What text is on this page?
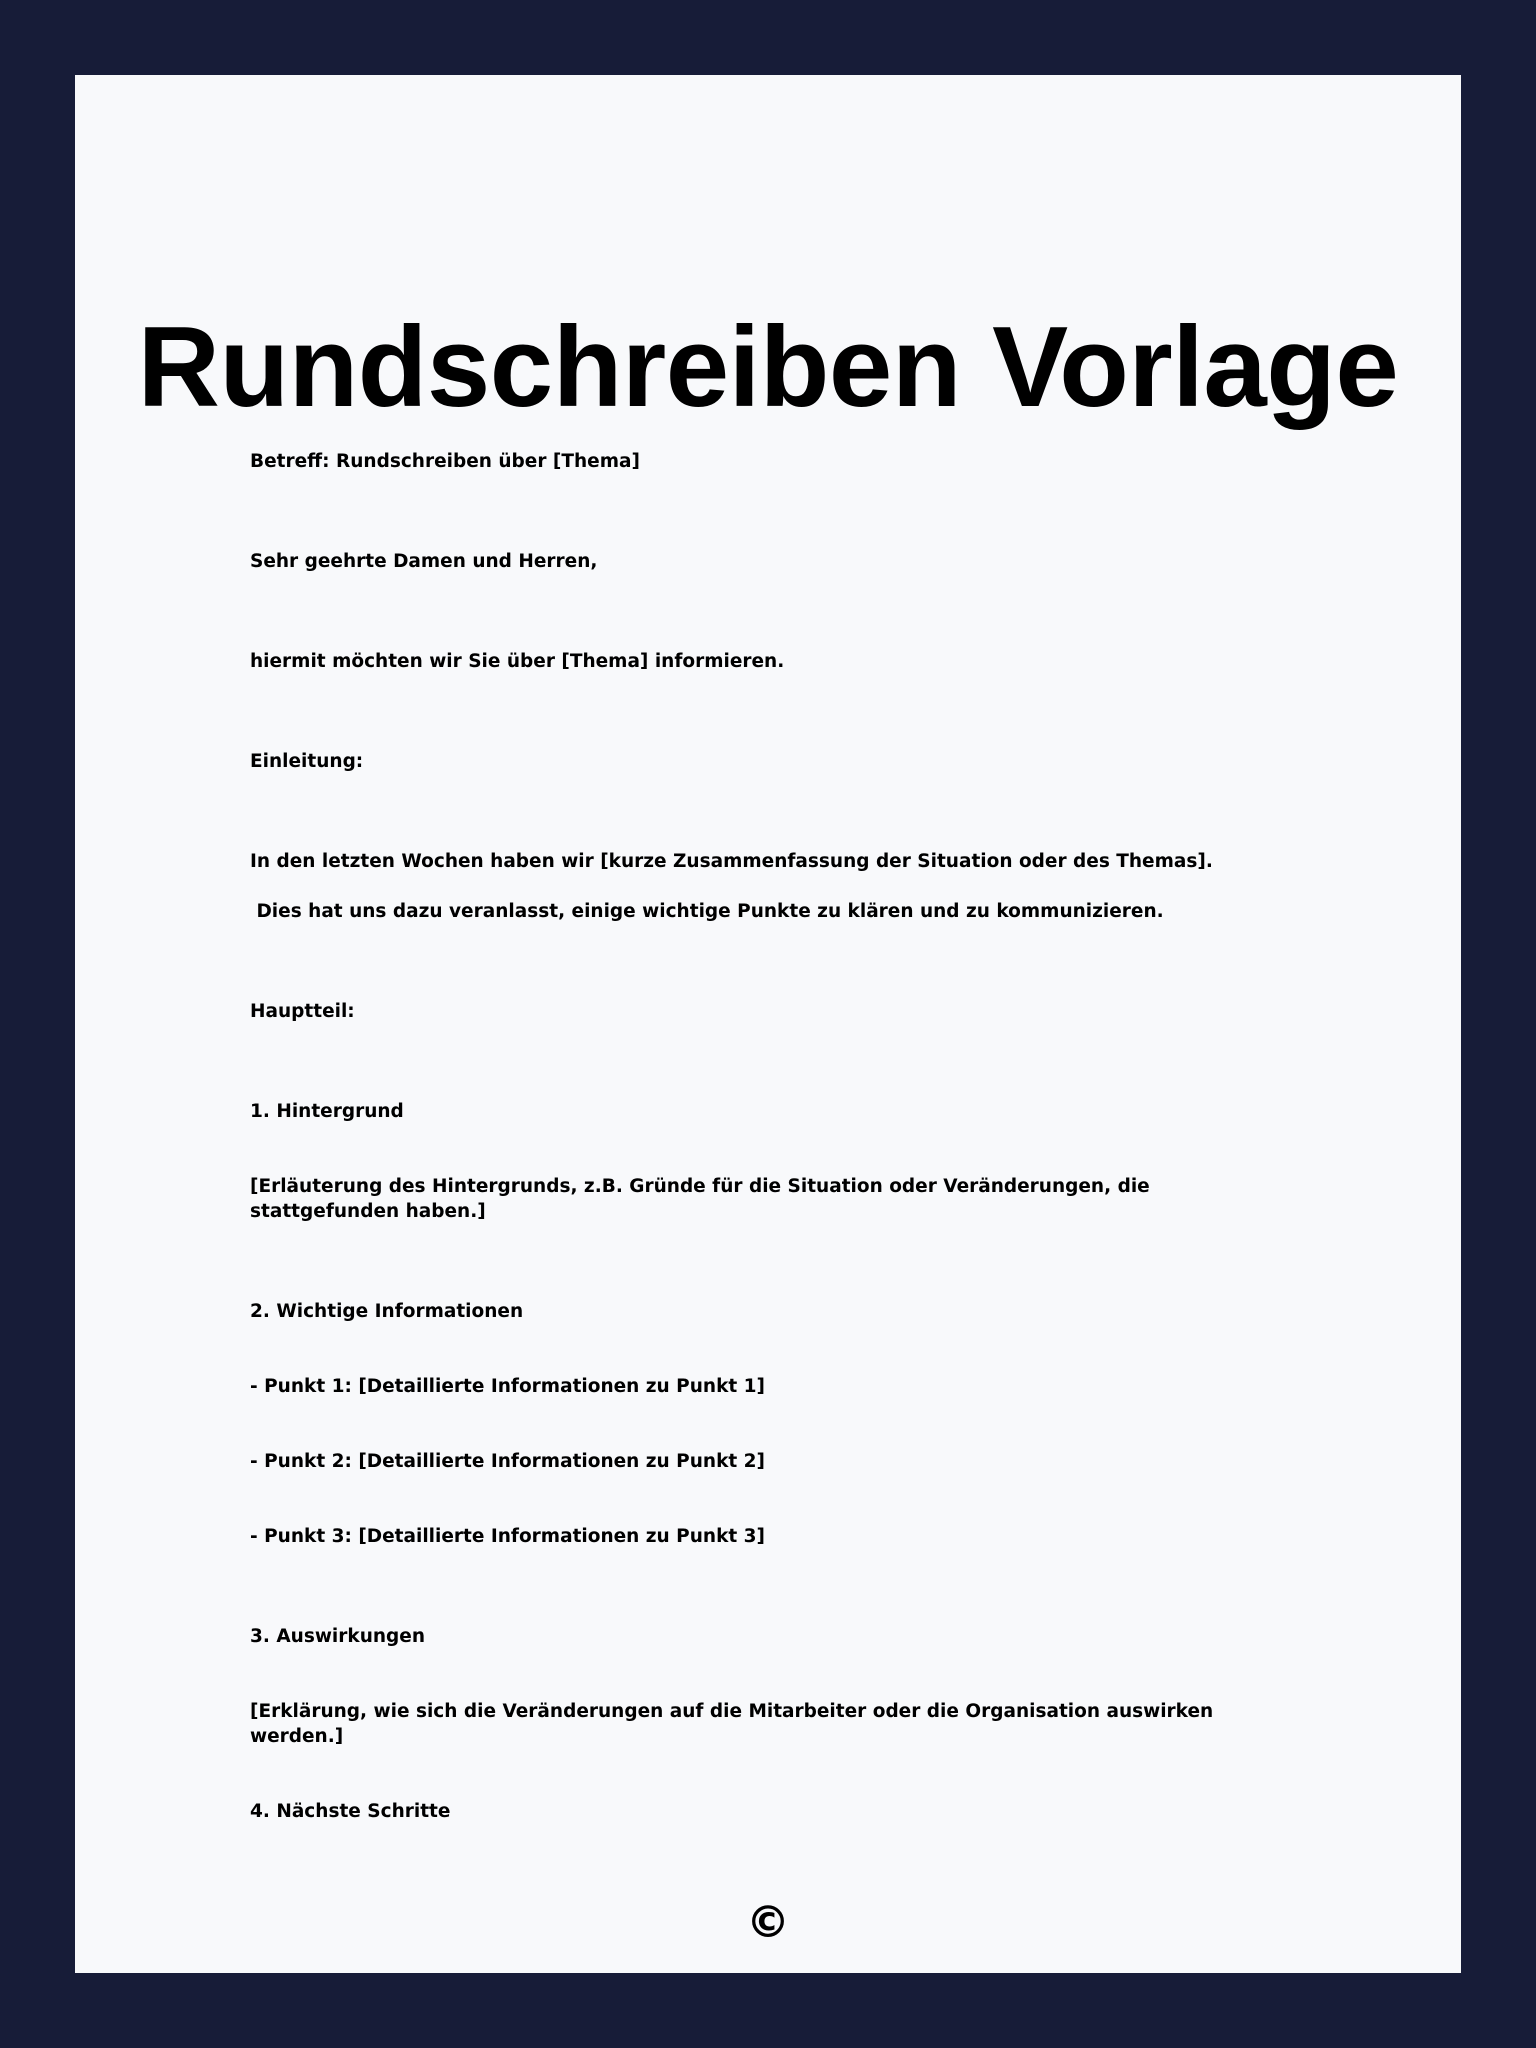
Rundschreiben Vorlage

Betreff: Rundschreiben über [Thema]

Sehr geehrte Damen und Herren,

hiermit möchten wir Sie über [Thema] informieren.

Einleitung:

In den letzten Wochen haben wir [kurze Zusammenfassung der Situation oder des Themas].

Dies hat uns dazu veranlasst, einige wichtige Punkte zu klären und zu kommunizieren.

Hauptteil:

1. Hintergrund

[Erläuterung des Hintergrunds, z.B. Gründe für die Situation oder Veränderungen, die stattgefunden haben.]

2. Wichtige Informationen

- Punkt 1: [Detaillierte Informationen zu Punkt 1]

- Punkt 2: [Detaillierte Informationen zu Punkt 2]

- Punkt 3: [Detaillierte Informationen zu Punkt 3]

3. Auswirkungen

[Erklärung, wie sich die Veränderungen auf die Mitarbeiter oder die Organisation auswirken werden.]

4. Nächste Schritte

©
